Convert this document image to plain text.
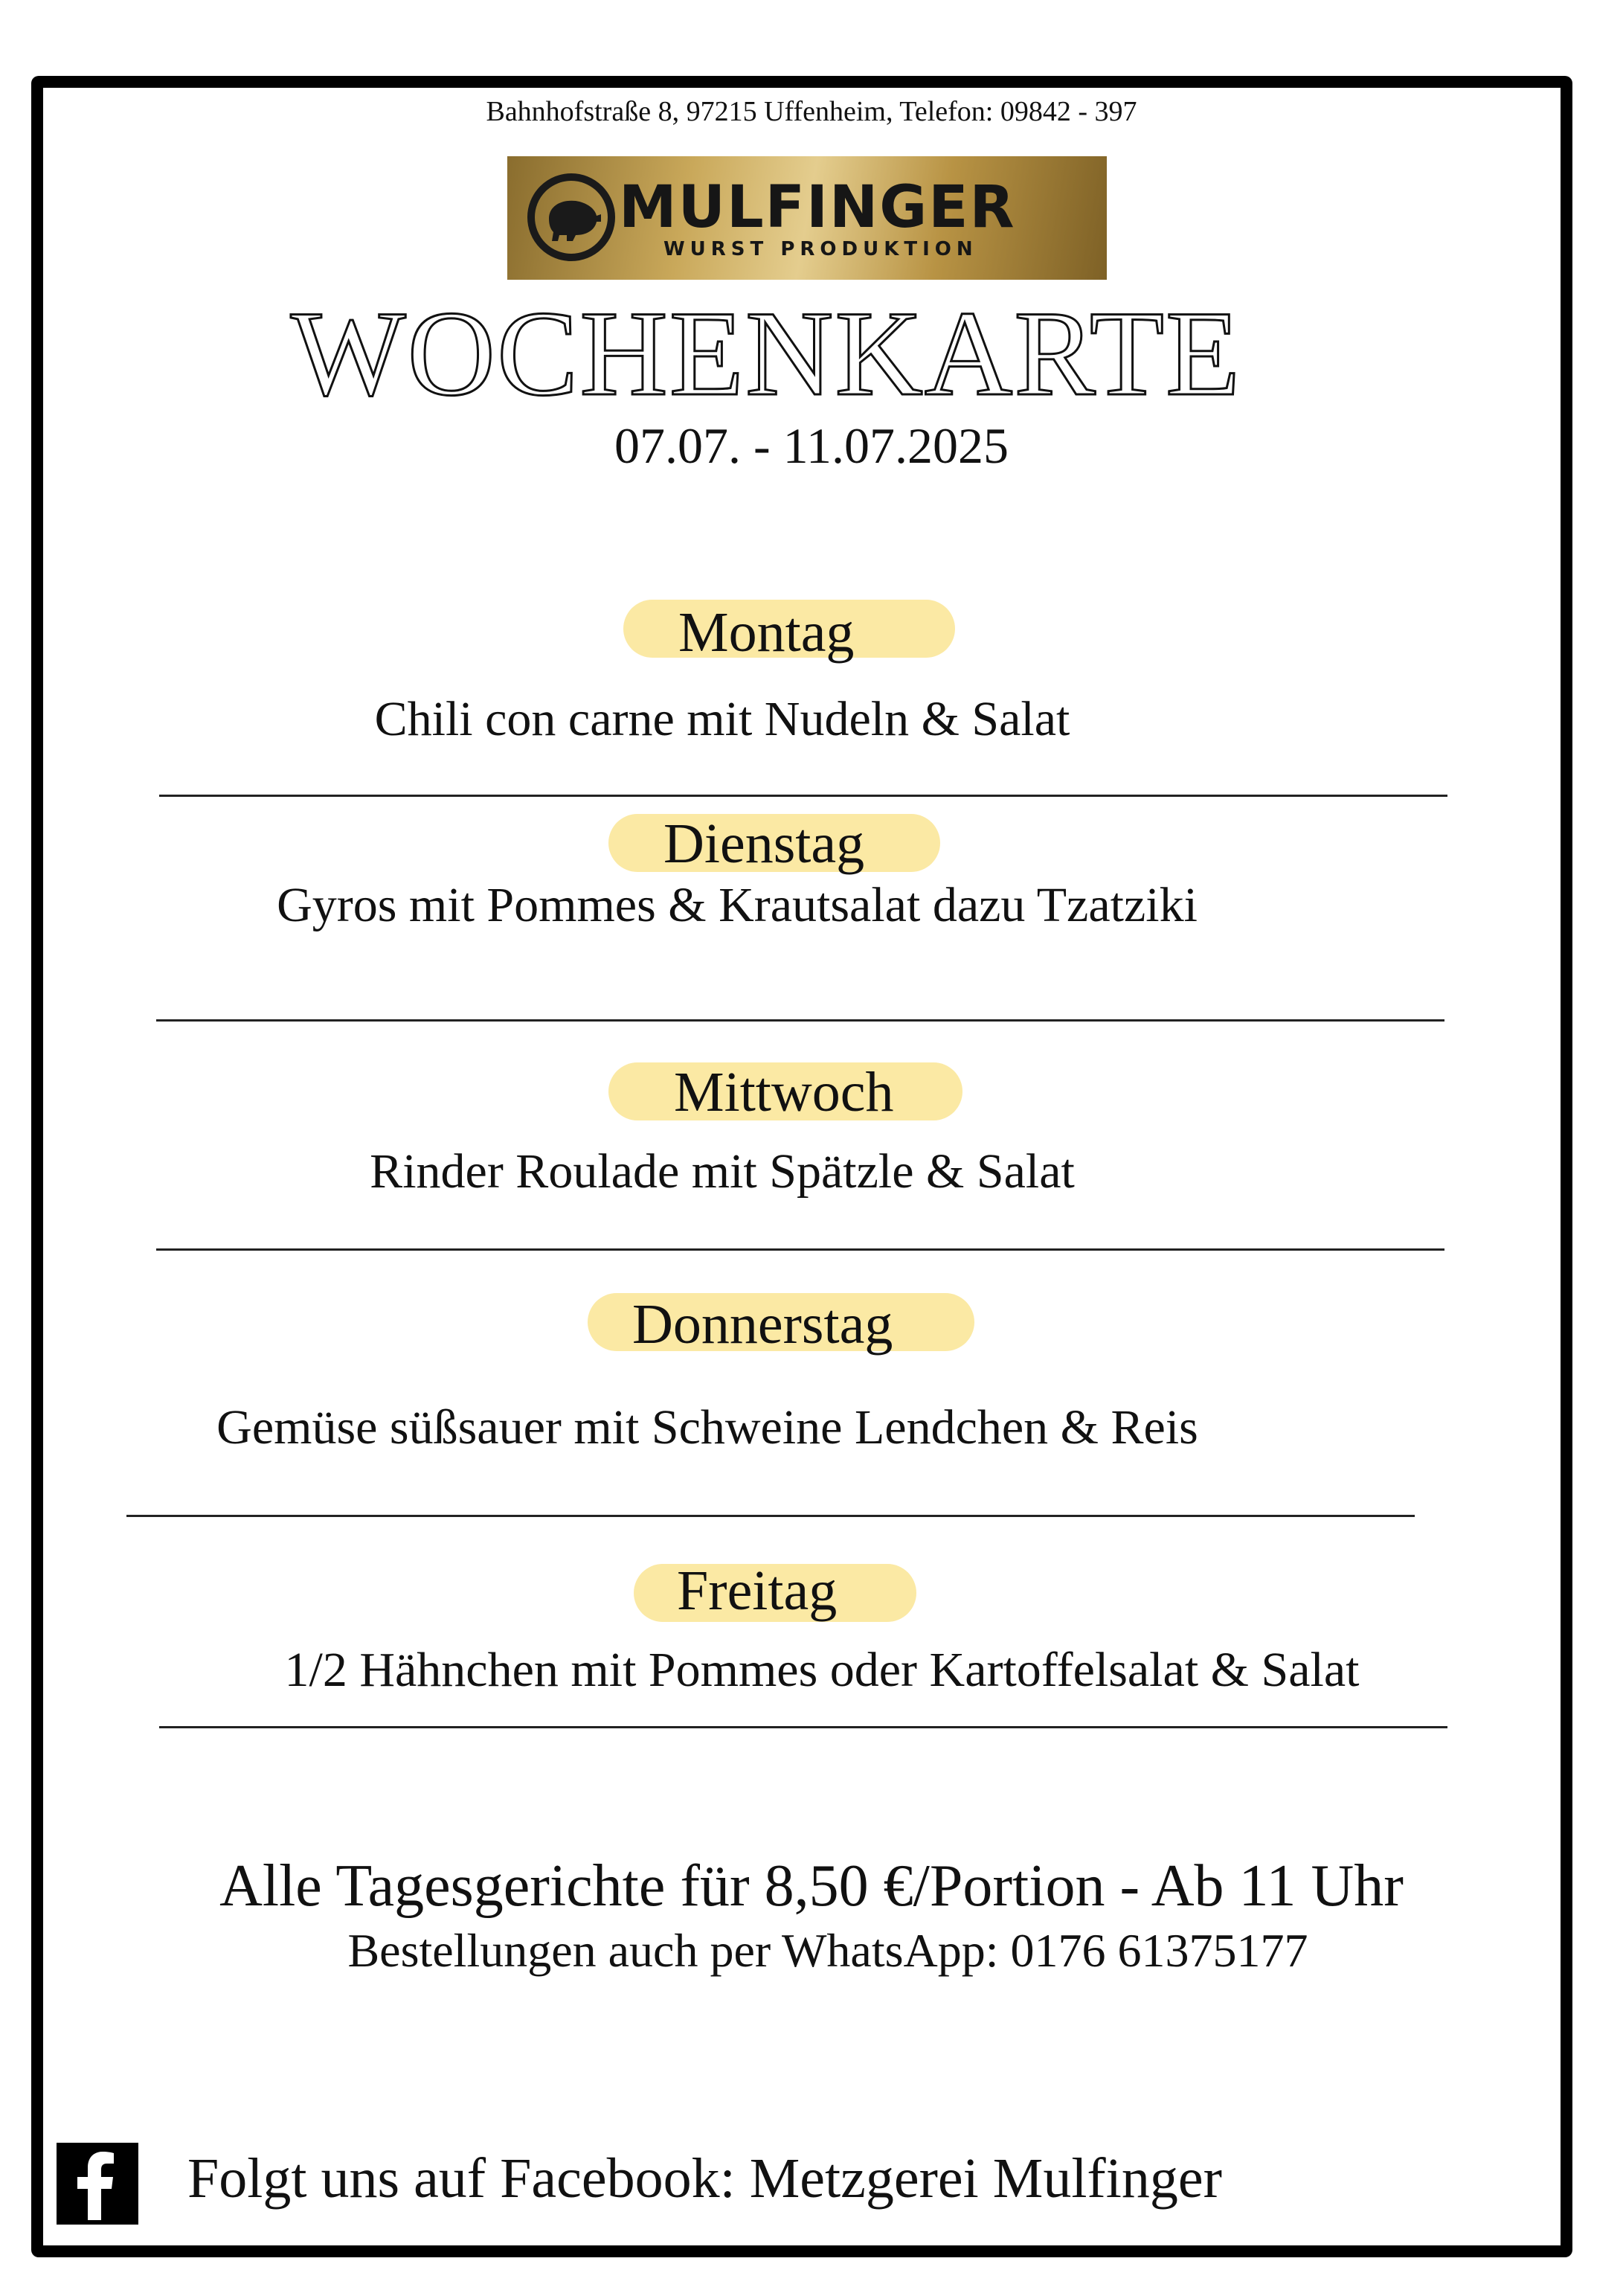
Bahnhofstraße 8, 97215 Uffenheim, Telefon: 09842 - 397
MULFINGER
WURST PRODUKTION
WOCHENKARTE
07.07. - 11.07.2025
Montag
Chili con carne mit Nudeln & Salat
Dienstag
Gyros mit Pommes & Krautsalat dazu Tzatziki
Mittwoch
Rinder Roulade mit Spätzle & Salat
Donnerstag
Gemüse süßsauer mit Schweine Lendchen & Reis
Freitag
1/2 Hähnchen mit Pommes oder Kartoffelsalat & Salat
Alle Tagesgerichte für 8,50 €/Portion - Ab 11 Uhr
Bestellungen auch per WhatsApp: 0176 61375177
Folgt uns auf Facebook: Metzgerei Mulfinger
